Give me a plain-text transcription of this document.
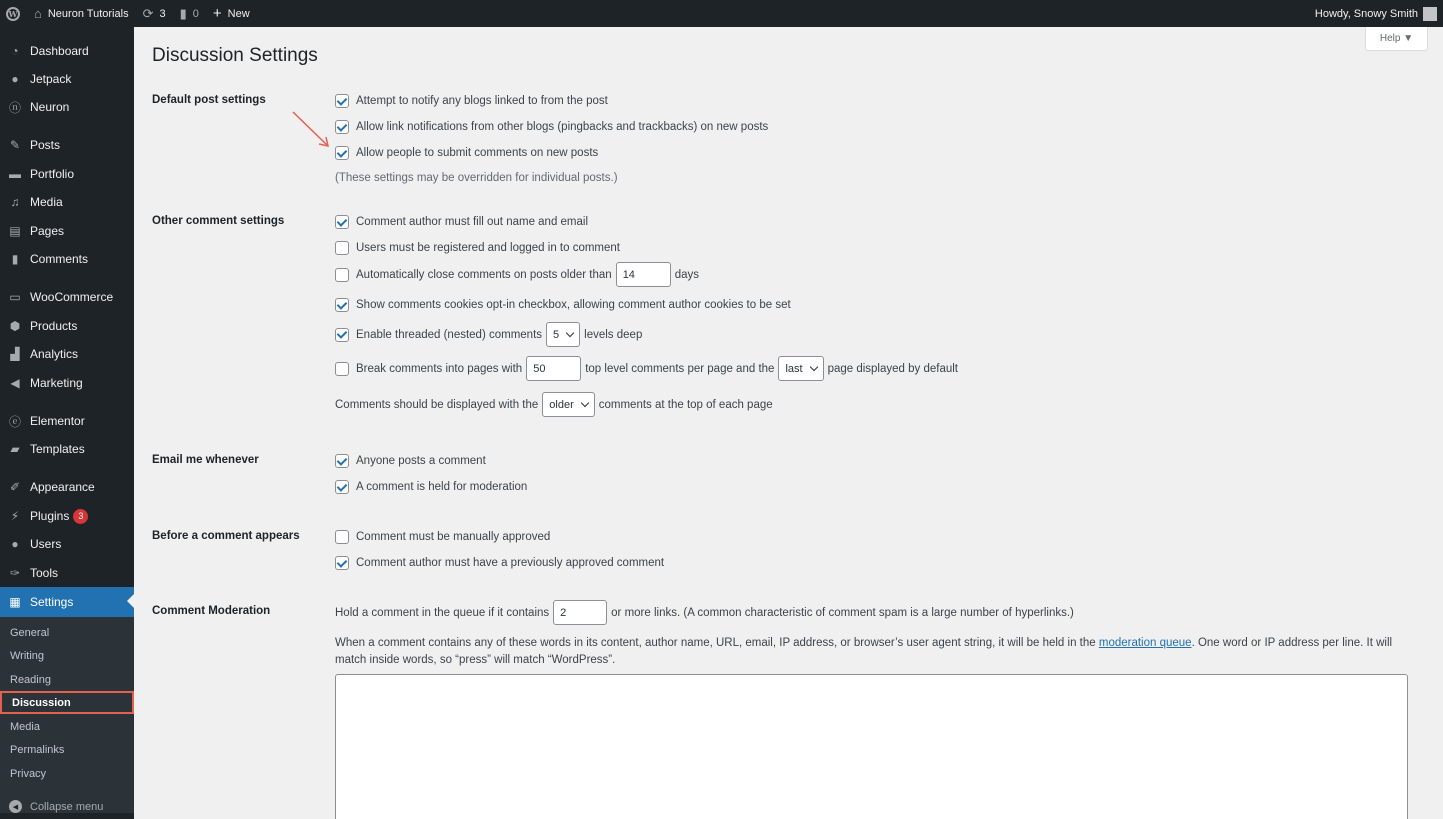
W ⌂ Neuron Tutorials ⟳ 3 ▮ 0 + New	Howdy, Snowy Smith
◔ Dashboard
● Jetpack
ⓝ Neuron
✎ Posts
▬ Portfolio
♫ Media
▤ Pages
▮ Comments
▭ WooCommerce
⬢ Products
▟ Analytics
◀ Marketing
ⓔ Elementor
▰ Templates
✐ Appearance
⚡ Plugins 3
● Users
✑ Tools
▦ Settings
General
Writing
Reading
Discussion
Media
Permalinks
Privacy
◀	Collapse menu
Help ▼
Discussion Settings
Default post settings	Attempt to notify any blogs linked to from the post
Allow link notifications from other blogs (pingbacks and trackbacks) on new posts
Allow people to submit comments on new posts
(These settings may be overridden for individual posts.)
Other comment settings	Comment author must fill out name and email
Users must be registered and logged in to comment
Automatically close comments on posts older than	14	days
Show comments cookies opt-in checkbox, allowing comment author cookies to be set
Enable threaded (nested) comments 5 levels deep
Break comments into pages with	50	top level comments per page and the last page displayed by default
Comments should be displayed with the older comments at the top of each page
Email me whenever	Anyone posts a comment
A comment is held for moderation
Before a comment appears	Comment must be manually approved
Comment author must have a previously approved comment
Comment Moderation	Hold a comment in the queue if it contains	2	or more links. (A common characteristic of comment spam is a large number of hyperlinks.)
When a comment contains any of these words in its content, author name, URL, email, IP address, or browser’s user agent string, it will be held in the moderation queue. One word or IP address per line. It will match inside words, so “press” will match “WordPress”.
